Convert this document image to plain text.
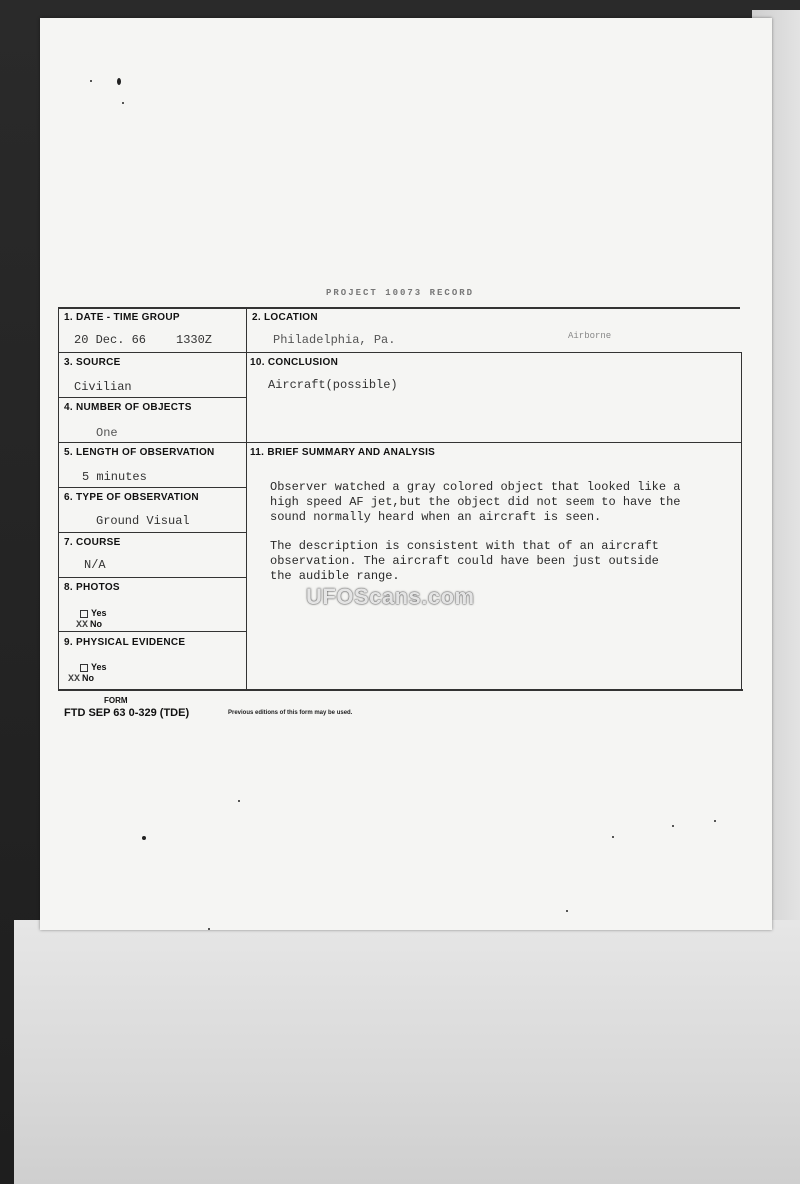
PROJECT 10073 RECORD
1. DATE - TIME GROUP
20 Dec. 66 1330Z
2. LOCATION
Philadelphia, Pa.	Airborne
3. SOURCE
Civilian
10. CONCLUSION
Aircraft(possible)
4. NUMBER OF OBJECTS
One
5. LENGTH OF OBSERVATION
5 minutes
11. BRIEF SUMMARY AND ANALYSIS
Observer watched a gray colored object that looked like a
high speed AF jet,but the object did not seem to have the
sound normally heard when an aircraft is seen.
The description is consistent with that of an aircraft
observation. The aircraft could have been just outside
the audible range.
6. TYPE OF OBSERVATION
Ground Visual
7. COURSE
N/A
8. PHOTOS
Yes
XX No
9. PHYSICAL EVIDENCE
Yes
XX No
FORM
FTD SEP 63 0-329 (TDE)	Previous editions of this form may be used.
UFOScans.com
